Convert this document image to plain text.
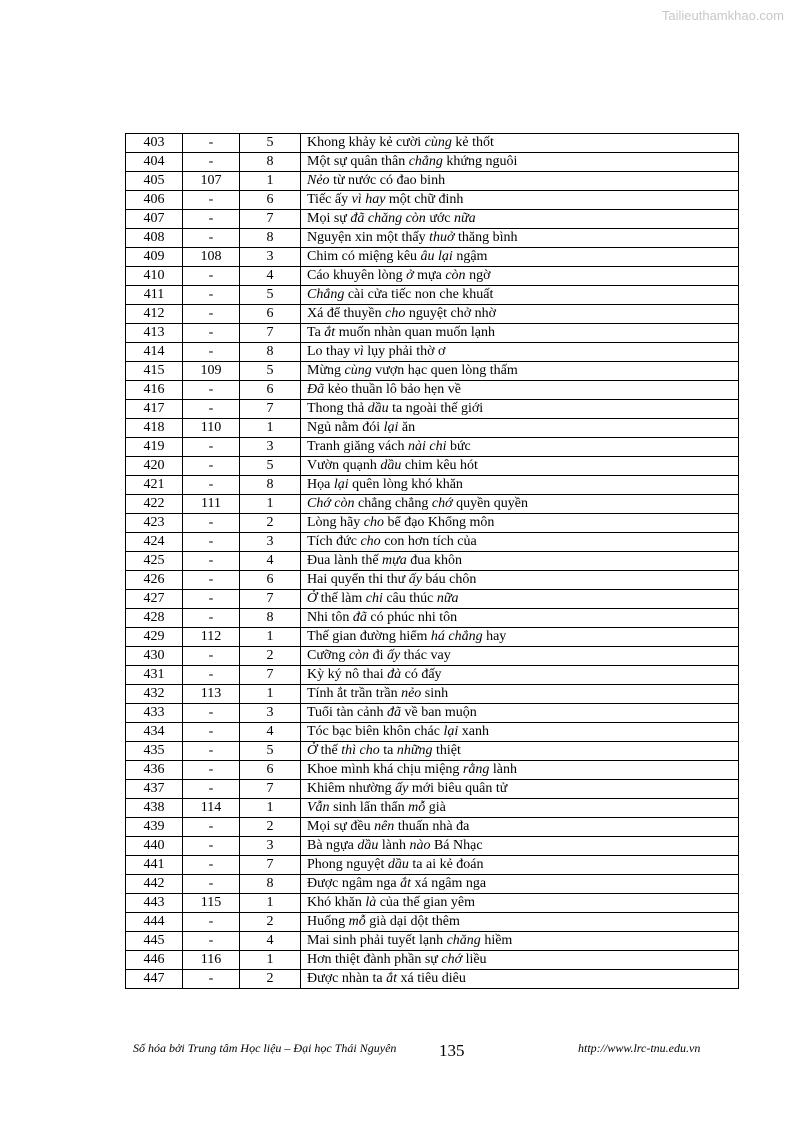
Tailieuthamkhao.com
403	-	5	Khong khảy kẻ cười cùng kẻ thốt
404	-	8	Một sự quân thân chẳng khứng nguôi
405	107	1	Nẻo từ nước có đao binh
406	-	6	Tiếc ấy vì hay một chữ đinh
407	-	7	Mọi sự đã chăng còn ước nữa
408	-	8	Nguyện xin một thấy thuở thăng bình
409	108	3	Chim có miệng kêu âu lại ngậm
410	-	4	Cáo khuyên lòng ở mựa còn ngờ
411	-	5	Chẳng cài cửa tiếc non che khuất
412	-	6	Xá để thuyền cho nguyệt chở nhờ
413	-	7	Ta ắt muốn nhàn quan muốn lạnh
414	-	8	Lo thay vì lụy phải thờ ơ
415	109	5	Mừng cùng vượn hạc quen lòng thấm
416	-	6	Đã kẻo thuần lô bảo hẹn về
417	-	7	Thong thả dầu ta ngoài thế giới
418	110	1	Ngủ nằm đói lại ăn
419	-	3	Tranh giăng vách nài chi bức
420	-	5	Vườn quạnh dầu chim kêu hót
421	-	8	Họa lại quên lòng khó khăn
422	111	1	Chớ còn chẳng chẳng chớ quyền quyền
423	-	2	Lòng hãy cho bể đạo Khổng môn
424	-	3	Tích đức cho con hơn tích của
425	-	4	Đua lành thế mựa đua khôn
426	-	6	Hai quyển thi thư ấy báu chôn
427	-	7	Ở thế làm chi câu thúc nữa
428	-	8	Nhi tôn đã có phúc nhi tôn
429	112	1	Thế gian đường hiểm há chẳng hay
430	-	2	Cưỡng còn đi ấy thác vay
431	-	7	Kỳ ký nô thai đà có đấy
432	113	1	Tính ắt trần trần nẻo sinh
433	-	3	Tuổi tàn cảnh đã về ban muộn
434	-	4	Tóc bạc biên khôn chác lại xanh
435	-	5	Ở thế thì cho ta những thiệt
436	-	6	Khoe mình khá chịu miệng rằng lành
437	-	7	Khiêm nhường ấy mới biêu quân tử
438	114	1	Vẫn sinh lẩn thẩn mỗ già
439	-	2	Mọi sự đều nên thuấn nhà đa
440	-	3	Bà ngựa dầu lành nào Bá Nhạc
441	-	7	Phong nguyệt dầu ta ai kẻ đoán
442	-	8	Được ngâm nga ắt xá ngâm nga
443	115	1	Khó khăn là của thế gian yêm
444	-	2	Huống mỗ già dại dột thêm
445	-	4	Mai sinh phải tuyết lạnh chăng hiềm
446	116	1	Hơn thiệt đành phần sự chớ liều
447	-	2	Được nhàn ta ắt xá tiêu diêu
Số hóa bởi Trung tâm Học liệu – Đại học Thái Nguyên	135	http://www.lrc-tnu.edu.vn
